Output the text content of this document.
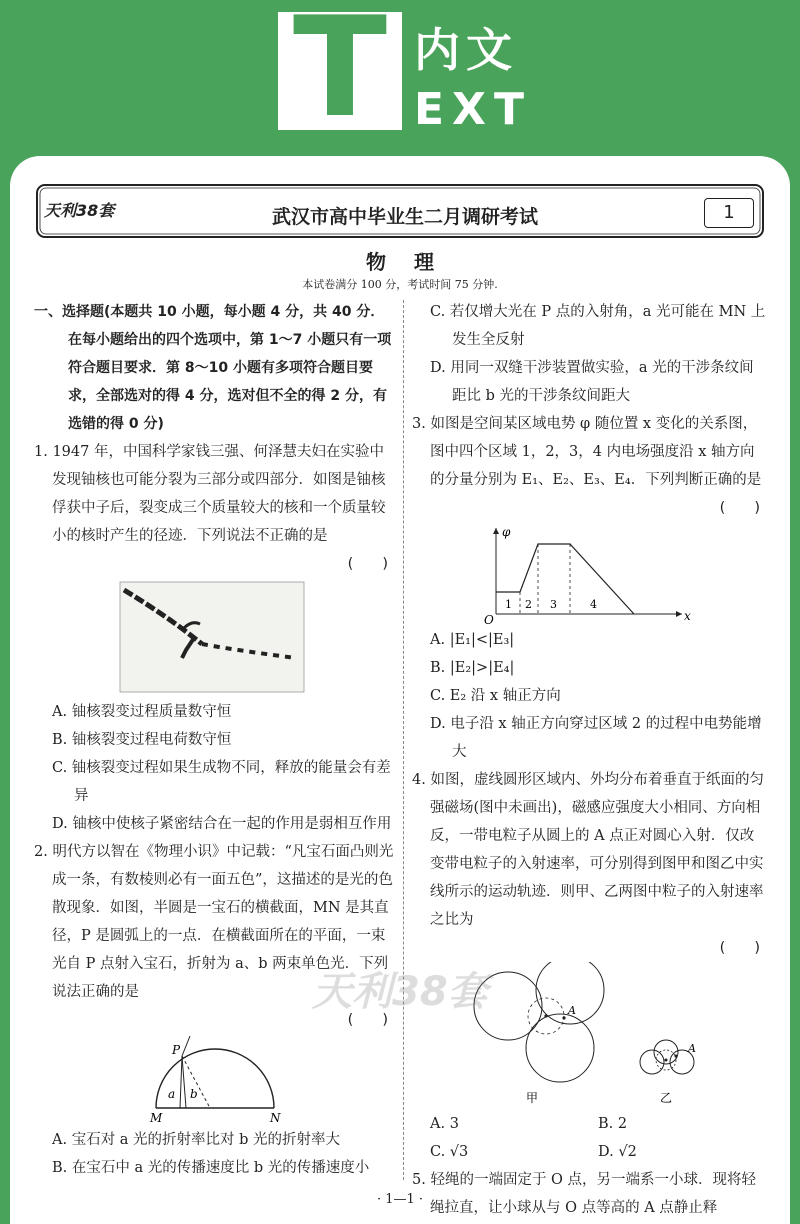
T 内文
EXT
天利38套	武汉市高中毕业生二月调研考试	1
物理
本试卷满分 100 分，考试时间 75 分钟.

一、选择题(本题共 10 小题，每小题 4 分，共 40 分．在每小题给出的四个选项中，第 1～7 小题只有一项符合题目要求．第 8～10 小题有多项符合题目要求，全部选对的得 4 分，选对但不全的得 2 分，有选错的得 0 分)

1. 1947 年，中国科学家钱三强、何泽慧夫妇在实验中发现铀核也可能分裂为三部分或四部分．如图是铀核俘获中子后，裂变成三个质量较大的核和一个质量较小的核时产生的径迹．下列说法不正确的是

(　　)

A. 铀核裂变过程质量数守恒

B. 铀核裂变过程电荷数守恒

C. 铀核裂变过程如果生成物不同，释放的能量会有差异

D. 铀核中使核子紧密结合在一起的作用是弱相互作用

2. 明代方以智在《物理小识》中记载：“凡宝石面凸则光成一条，有数棱则必有一面五色”，这描述的是光的色散现象．如图，半圆是一宝石的横截面，MN 是其直径，P 是圆弧上的一点．在横截面所在的平面，一束光自 P 点射入宝石，折射为 a、b 两束单色光．下列说法正确的是

(　　)
P
M	N
a b

A. 宝石对 a 光的折射率比对 b 光的折射率大

B. 在宝石中 a 光的传播速度比 b 光的传播速度小

C. 若仅增大光在 P 点的入射角，a 光可能在 MN 上发生全反射

D. 用同一双缝干涉装置做实验，a 光的干涉条纹间距比 b 光的干涉条纹间距大

3. 如图是空间某区域电势 φ 随位置 x 变化的关系图，图中四个区域 1，2，3，4 内电场强度沿 x 轴方向的分量分别为 E₁、E₂、E₃、E₄．下列判断正确的是

(　　)
φ
x
O
1 2 3	4

A. |E₁|<|E₃|

B. |E₂|>|E₄|

C. E₂ 沿 x 轴正方向

D. 电子沿 x 轴正方向穿过区域 2 的过程中电势能增大

4. 如图，虚线圆形区域内、外均分布着垂直于纸面的匀强磁场(图中未画出)，磁感应强度大小相同、方向相反，一带电粒子从圆上的 A 点正对圆心入射．仅改变带电粒子的入射速率，可分别得到图甲和图乙中实线所示的运动轨迹．则甲、乙两图中粒子的入射速率之比为

(　　)
A
甲
A
乙
A. 3	B. 2
C. √3	D. √2

5. 轻绳的一端固定于 O 点，另一端系一小球．现将轻绳拉直，让小球从与 O 点等高的 A 点静止释

天利38套
· 1—1 ·
